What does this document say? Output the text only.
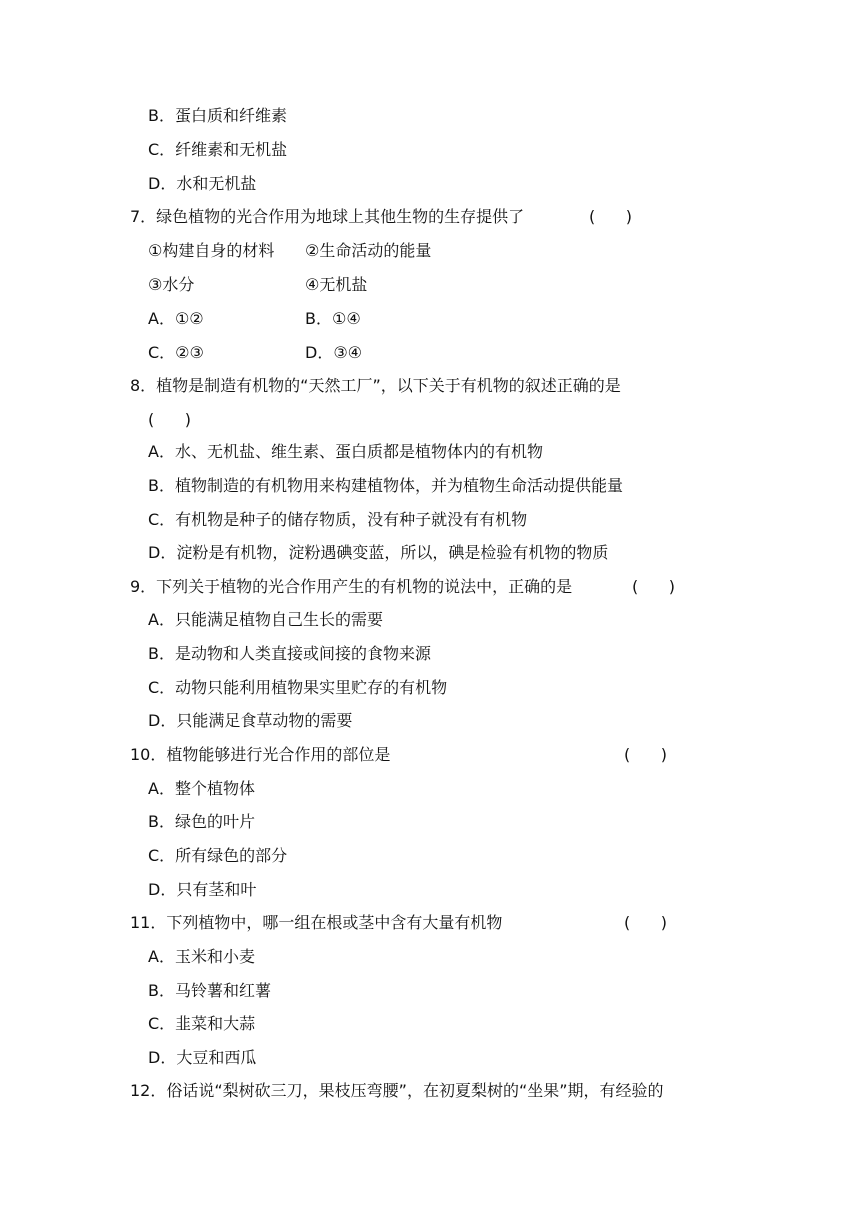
B．蛋白质和纤维素
C．纤维素和无机盐
D．水和无机盐
7．绿色植物的光合作用为地球上其他生物的生存提供了	(      )
①构建自身的材料 ②生命活动的能量
③水分	④无机盐
A．①②	B．①④
C．②③	D．③④
8．植物是制造有机物的“天然工厂”，以下关于有机物的叙述正确的是
(      )
A．水、无机盐、维生素、蛋白质都是植物体内的有机物
B．植物制造的有机物用来构建植物体，并为植物生命活动提供能量
C．有机物是种子的储存物质，没有种子就没有有机物
D．淀粉是有机物，淀粉遇碘变蓝，所以，碘是检验有机物的物质
9．下列关于植物的光合作用产生的有机物的说法中，正确的是	(      )
A．只能满足植物自己生长的需要
B．是动物和人类直接或间接的食物来源
C．动物只能利用植物果实里贮存的有机物
D．只能满足食草动物的需要
10．植物能够进行光合作用的部位是	(      )
A．整个植物体
B．绿色的叶片
C．所有绿色的部分
D．只有茎和叶
11．下列植物中，哪一组在根或茎中含有大量有机物	(      )
A．玉米和小麦
B．马铃薯和红薯
C．韭菜和大蒜
D．大豆和西瓜
12．俗话说“梨树砍三刀，果枝压弯腰”，在初夏梨树的“坐果”期，有经验的
